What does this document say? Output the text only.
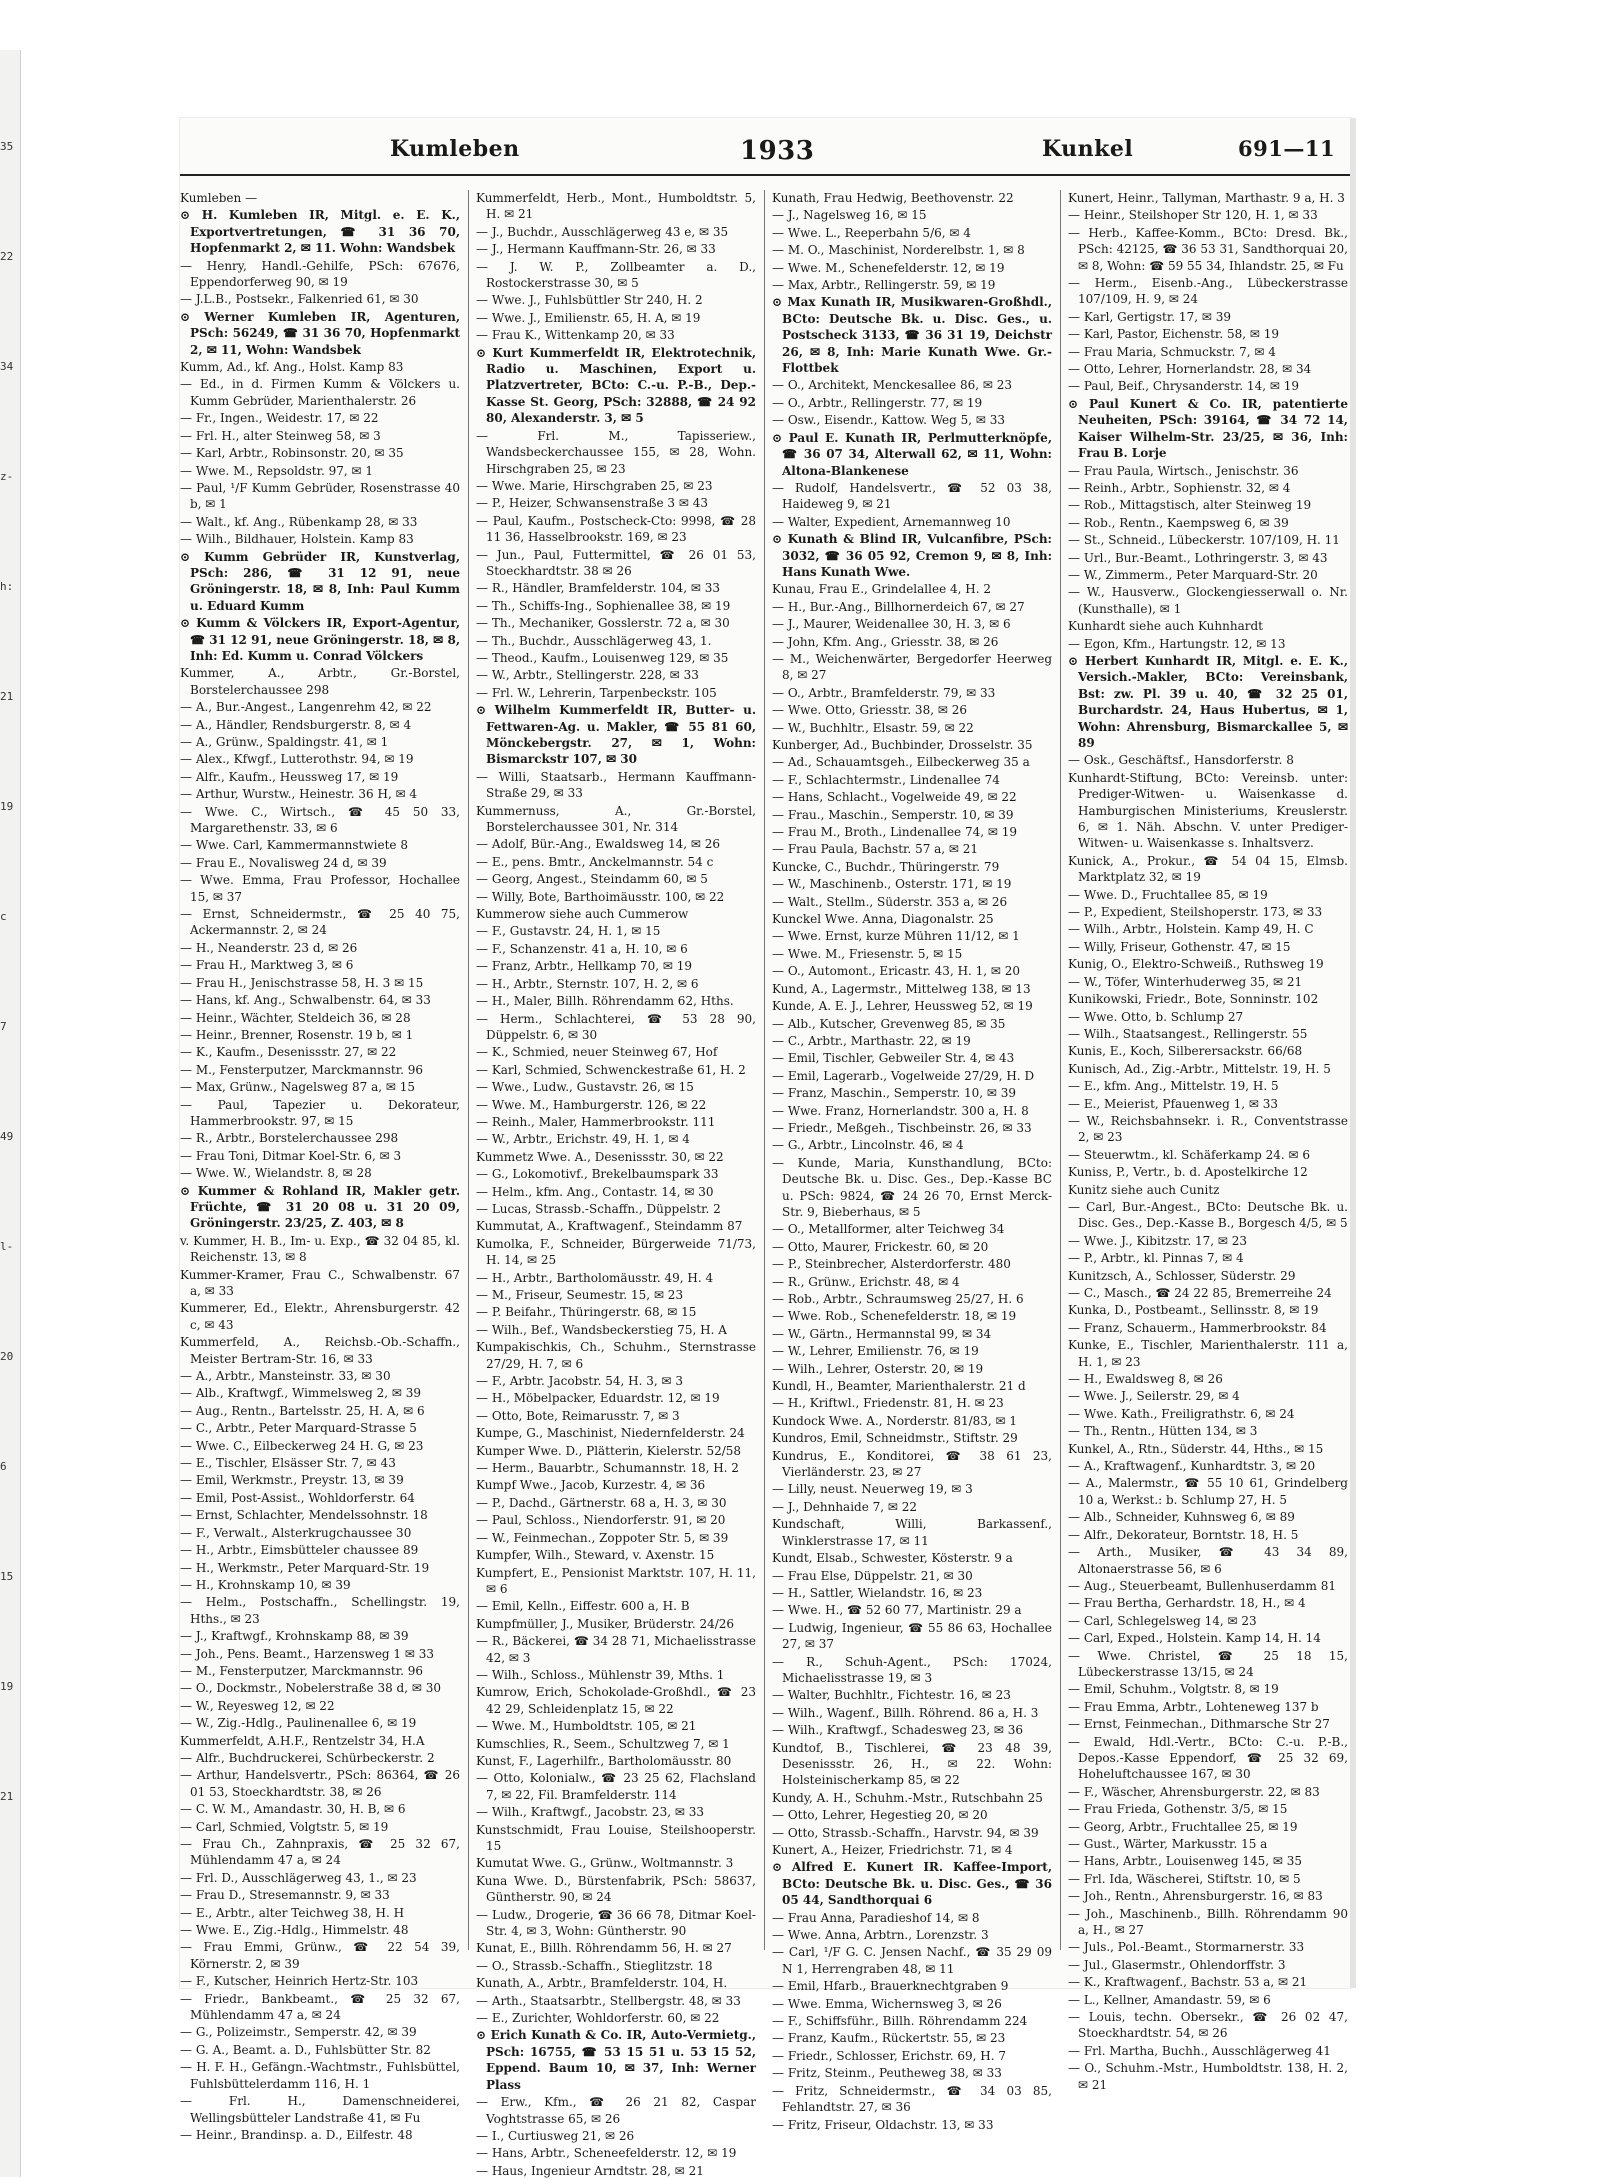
35
22
34
z-
h:
21
19
c
7
49
l-
20
6
15
19
21
Kumleben	1933	Kunkel	691—11
Kumleben —
⊙ H. Kumleben IR, Mitgl. e. E. K., Exportvertretungen, ☎ 31 36 70, Hopfenmarkt 2, ✉ 11. Wohn: Wandsbek
— Henry, Handl.-Gehilfe, PSch: 67676, Eppendorferweg 90, ✉ 19
— J.L.B., Postsekr., Falkenried 61, ✉ 30
⊙ Werner Kumleben IR, Agenturen, PSch: 56249, ☎ 31 36 70, Hopfenmarkt 2, ✉ 11, Wohn: Wandsbek
Kumm, Ad., kf. Ang., Holst. Kamp 83
— Ed., in d. Firmen Kumm & Völckers u. Kumm Gebrüder, Marienthalerstr. 26
— Fr., Ingen., Weidestr. 17, ✉ 22
— Frl. H., alter Steinweg 58, ✉ 3
— Karl, Arbtr., Robinsonstr. 20, ✉ 35
— Wwe. M., Repsoldstr. 97, ✉ 1
— Paul, ¹/F Kumm Gebrüder, Rosenstrasse 40 b, ✉ 1
— Walt., kf. Ang., Rübenkamp 28, ✉ 33
— Wilh., Bildhauer, Holstein. Kamp 83
⊙ Kumm Gebrüder IR, Kunstverlag, PSch: 286, ☎ 31 12 91, neue Gröningerstr. 18, ✉ 8, Inh: Paul Kumm u. Eduard Kumm
⊙ Kumm & Völckers IR, Export-Agentur, ☎ 31 12 91, neue Gröningerstr. 18, ✉ 8, Inh: Ed. Kumm u. Conrad Völckers
Kummer, A., Arbtr., Gr.-Borstel, Borstelerchaussee 298
— A., Bur.-Angest., Langenrehm 42, ✉ 22
— A., Händler, Rendsburgerstr. 8, ✉ 4
— A., Grünw., Spaldingstr. 41, ✉ 1
— Alex., Kfwgf., Lutterothstr. 94, ✉ 19
— Alfr., Kaufm., Heussweg 17, ✉ 19
— Arthur, Wurstw., Heinestr. 36 H, ✉ 4
— Wwe. C., Wirtsch., ☎ 45 50 33, Margarethenstr. 33, ✉ 6
— Wwe. Carl, Kammermannstwiete 8
— Frau E., Novalisweg 24 d, ✉ 39
— Wwe. Emma, Frau Professor, Hochallee 15, ✉ 37
— Ernst, Schneidermstr., ☎ 25 40 75, Ackermannstr. 2, ✉ 24
— H., Neanderstr. 23 d, ✉ 26
— Frau H., Marktweg 3, ✉ 6
— Frau H., Jenischstrasse 58, H. 3 ✉ 15
— Hans, kf. Ang., Schwalbenstr. 64, ✉ 33
— Heinr., Wächter, Steldeich 36, ✉ 28
— Heinr., Brenner, Rosenstr. 19 b, ✉ 1
— K., Kaufm., Desenissstr. 27, ✉ 22
— M., Fensterputzer, Marckmannstr. 96
— Max, Grünw., Nagelsweg 87 a, ✉ 15
— Paul, Tapezier u. Dekorateur, Hammerbrookstr. 97, ✉ 15
— R., Arbtr., Borstelerchaussee 298
— Frau Toni, Ditmar Koel-Str. 6, ✉ 3
— Wwe. W., Wielandstr. 8, ✉ 28
⊙ Kummer & Rohland IR, Makler getr. Früchte, ☎ 31 20 08 u. 31 20 09, Gröningerstr. 23/25, Z. 403, ✉ 8
v. Kummer, H. B., Im- u. Exp., ☎ 32 04 85, kl. Reichenstr. 13, ✉ 8
Kummer-Kramer, Frau C., Schwalbenstr. 67 a, ✉ 33
Kummerer, Ed., Elektr., Ahrensburgerstr. 42 c, ✉ 43
Kummerfeld, A., Reichsb.-Ob.-Schaffn., Meister Bertram-Str. 16, ✉ 33
— A., Arbtr., Mansteinstr. 33, ✉ 30
— Alb., Kraftwgf., Wimmelsweg 2, ✉ 39
— Aug., Rentn., Bartelsstr. 25, H. A, ✉ 6
— C., Arbtr., Peter Marquard-Strasse 5
— Wwe. C., Eilbeckerweg 24 H. G, ✉ 23
— E., Tischler, Elsässer Str. 7, ✉ 43
— Emil, Werkmstr., Preystr. 13, ✉ 39
— Emil, Post-Assist., Wohldorferstr. 64
— Ernst, Schlachter, Mendelssohnstr. 18
— F., Verwalt., Alsterkrugchaussee 30
— H., Arbtr., Eimsbütteler chaussee 89
— H., Werkmstr., Peter Marquard-Str. 19
— H., Krohnskamp 10, ✉ 39
— Helm., Postschaffn., Schellingstr. 19, Hths., ✉ 23
— J., Kraftwgf., Krohnskamp 88, ✉ 39
— Joh., Pens. Beamt., Harzensweg 1 ✉ 33
— M., Fensterputzer, Marckmannstr. 96
— O., Dockmstr., Nobelerstraße 38 d, ✉ 30
— W., Reyesweg 12, ✉ 22
— W., Zig.-Hdlg., Paulinenallee 6, ✉ 19
Kummerfeldt, A.H.F., Rentzelstr 34, H.A
— Alfr., Buchdruckerei, Schürbeckerstr. 2
— Arthur, Handelsvertr., PSch: 86364, ☎ 26 01 53, Stoeckhardtstr. 38, ✉ 26
— C. W. M., Amandastr. 30, H. B, ✉ 6
— Carl, Schmied, Volgtstr. 5, ✉ 19
— Frau Ch., Zahnpraxis, ☎ 25 32 67, Mühlendamm 47 a, ✉ 24
— Frl. D., Ausschlägerweg 43, 1., ✉ 23
— Frau D., Stresemannstr. 9, ✉ 33
— E., Arbtr., alter Teichweg 38, H. H
— Wwe. E., Zig.-Hdlg., Himmelstr. 48
— Frau Emmi, Grünw., ☎ 22 54 39, Körnerstr. 2, ✉ 39
— F., Kutscher, Heinrich Hertz-Str. 103
— Friedr., Bankbeamt., ☎ 25 32 67, Mühlendamm 47 a, ✉ 24
— G., Polizeimstr., Semperstr. 42, ✉ 39
— G. A., Beamt. a. D., Fuhlsbütter Str. 82
— H. F. H., Gefängn.-Wachtmstr., Fuhlsbüttel, Fuhlsbüttelerdamm 116, H. 1
— Frl. H., Damenschneiderei, Wellingsbütteler Landstraße 41, ✉ Fu
— Heinr., Brandinsp. a. D., Eilfestr. 48
Kummerfeldt, Herb., Mont., Humboldtstr. 5, H. ✉ 21
— J., Buchdr., Ausschlägerweg 43 e, ✉ 35
— J., Hermann Kauffmann-Str. 26, ✉ 33
— J. W. P., Zollbeamter a. D., Rostockerstrasse 30, ✉ 5
— Wwe. J., Fuhlsbüttler Str 240, H. 2
— Wwe. J., Emilienstr. 65, H. A, ✉ 19
— Frau K., Wittenkamp 20, ✉ 33
⊙ Kurt Kummerfeldt IR, Elektrotechnik, Radio u. Maschinen, Export u. Platzvertreter, BCto: C.-u. P.-B., Dep.-Kasse St. Georg, PSch: 32888, ☎ 24 92 80, Alexanderstr. 3, ✉ 5
— Frl. M., Tapisseriew., Wandsbeckerchaussee 155, ✉ 28, Wohn. Hirschgraben 25, ✉ 23
— Wwe. Marie, Hirschgraben 25, ✉ 23
— P., Heizer, Schwansenstraße 3 ✉ 43
— Paul, Kaufm., Postscheck-Cto: 9998, ☎ 28 11 36, Hasselbrookstr. 169, ✉ 23
— Jun., Paul, Futtermittel, ☎ 26 01 53, Stoeckhardtstr. 38 ✉ 26
— R., Händler, Bramfelderstr. 104, ✉ 33
— Th., Schiffs-Ing., Sophienallee 38, ✉ 19
— Th., Mechaniker, Gosslerstr. 72 a, ✉ 30
— Th., Buchdr., Ausschlägerweg 43, 1.
— Theod., Kaufm., Louisenweg 129, ✉ 35
— W., Arbtr., Stellingerstr. 228, ✉ 33
— Frl. W., Lehrerin, Tarpenbeckstr. 105
⊙ Wilhelm Kummerfeldt IR, Butter- u. Fettwaren-Ag. u. Makler, ☎ 55 81 60, Mönckebergstr. 27, ✉ 1, Wohn: Bismarckstr 107, ✉ 30
— Willi, Staatsarb., Hermann Kauffmann-Straße 29, ✉ 33
Kummernuss, A., Gr.-Borstel, Borstelerchaussee 301, Nr. 314
— Adolf, Bür.-Ang., Ewaldsweg 14, ✉ 26
— E., pens. Bmtr., Anckelmannstr. 54 c
— Georg, Angest., Steindamm 60, ✉ 5
— Willy, Bote, Barthoimäusstr. 100, ✉ 22
Kummerow siehe auch Cummerow
— F., Gustavstr. 24, H. 1, ✉ 15
— F., Schanzenstr. 41 a, H. 10, ✉ 6
— Franz, Arbtr., Hellkamp 70, ✉ 19
— H., Arbtr., Sternstr. 107, H. 2, ✉ 6
— H., Maler, Billh. Röhrendamm 62, Hths.
— Herm., Schlachterei, ☎ 53 28 90, Düppelstr. 6, ✉ 30
— K., Schmied, neuer Steinweg 67, Hof
— Karl, Schmied, Schwenckestraße 61, H. 2
— Wwe., Ludw., Gustavstr. 26, ✉ 15
— Wwe. M., Hamburgerstr. 126, ✉ 22
— Reinh., Maler, Hammerbrookstr. 111
— W., Arbtr., Erichstr. 49, H. 1, ✉ 4
Kummetz Wwe. A., Desenissstr. 30, ✉ 22
— G., Lokomotivf., Brekelbaumspark 33
— Helm., kfm. Ang., Contastr. 14, ✉ 30
— Lucas, Strassb.-Schaffn., Düppelstr. 2
Kummutat, A., Kraftwagenf., Steindamm 87
Kumolka, F., Schneider, Bürgerweide 71/73, H. 14, ✉ 25
— H., Arbtr., Bartholomäusstr. 49, H. 4
— M., Friseur, Seumestr. 15, ✉ 23
— P. Beifahr., Thüringerstr. 68, ✉ 15
— Wilh., Bef., Wandsbeckerstieg 75, H. A
Kumpakischkis, Ch., Schuhm., Sternstrasse 27/29, H. 7, ✉ 6
— F., Arbtr. Jacobstr. 54, H. 3, ✉ 3
— H., Möbelpacker, Eduardstr. 12, ✉ 19
— Otto, Bote, Reimarusstr. 7, ✉ 3
Kumpe, G., Maschinist, Niedernfelderstr. 24
Kumper Wwe. D., Plätterin, Kielerstr. 52/58
— Herm., Bauarbtr., Schumannstr. 18, H. 2
Kumpf Wwe., Jacob, Kurzestr. 4, ✉ 36
— P., Dachd., Gärtnerstr. 68 a, H. 3, ✉ 30
— Paul, Schloss., Niendorferstr. 91, ✉ 20
— W., Feinmechan., Zoppoter Str. 5, ✉ 39
Kumpfer, Wilh., Steward, v. Axenstr. 15
Kumpfert, E., Pensionist Marktstr. 107, H. 11, ✉ 6
— Emil, Kelln., Eiffestr. 600 a, H. B
Kumpfmüller, J., Musiker, Brüderstr. 24/26
— R., Bäckerei, ☎ 34 28 71, Michaelisstrasse 42, ✉ 3
— Wilh., Schloss., Mühlenstr 39, Mths. 1
Kumrow, Erich, Schokolade-Großhdl., ☎ 23 42 29, Schleidenplatz 15, ✉ 22
— Wwe. M., Humboldtstr. 105, ✉ 21
Kumschlies, R., Seem., Schultzweg 7, ✉ 1
Kunst, F., Lagerhilfr., Bartholomäusstr. 80
— Otto, Kolonialw., ☎ 23 25 62, Flachsland 7, ✉ 22, Fil. Bramfelderstr. 114
— Wilh., Kraftwgf., Jacobstr. 23, ✉ 33
Kunstschmidt, Frau Louise, Steilshooperstr. 15
Kumutat Wwe. G., Grünw., Woltmannstr. 3
Kuna Wwe. D., Bürstenfabrik, PSch: 58637, Güntherstr. 90, ✉ 24
— Ludw., Drogerie, ☎ 36 66 78, Ditmar Koel-Str. 4, ✉ 3, Wohn: Güntherstr. 90
Kunat, E., Billh. Röhrendamm 56, H. ✉ 27
— O., Strassb.-Schaffn., Stieglitzstr. 18
Kunath, A., Arbtr., Bramfelderstr. 104, H.
— Arth., Staatsarbtr., Stellbergstr. 48, ✉ 33
— E., Zurichter, Wohldorferstr. 60, ✉ 22
⊙ Erich Kunath & Co. IR, Auto-Vermietg., PSch: 16755, ☎ 53 15 51 u. 53 15 52, Eppend. Baum 10, ✉ 37, Inh: Werner Plass
— Erw., Kfm., ☎ 26 21 82, Caspar Voghtstrasse 65, ✉ 26
— I., Curtiusweg 21, ✉ 26
— Hans, Arbtr., Scheneefelderstr. 12, ✉ 19
— Haus, Ingenieur Arndtstr. 28, ✉ 21
Kunath, Frau Hedwig, Beethovenstr. 22
— J., Nagelsweg 16, ✉ 15
— Wwe. L., Reeperbahn 5/6, ✉ 4
— M. O., Maschinist, Norderelbstr. 1, ✉ 8
— Wwe. M., Schenefelderstr. 12, ✉ 19
— Max, Arbtr., Rellingerstr. 59, ✉ 19
⊙ Max Kunath IR, Musikwaren-Großhdl., BCto: Deutsche Bk. u. Disc. Ges., u. Postscheck 3133, ☎ 36 31 19, Deichstr 26, ✉ 8, Inh: Marie Kunath Wwe. Gr.-Flottbek
— O., Architekt, Menckesallee 86, ✉ 23
— O., Arbtr., Rellingerstr. 77, ✉ 19
— Osw., Eisendr., Kattow. Weg 5, ✉ 33
⊙ Paul E. Kunath IR, Perlmutterknöpfe, ☎ 36 07 34, Alterwall 62, ✉ 11, Wohn: Altona-Blankenese
— Rudolf, Handelsvertr., ☎ 52 03 38, Haideweg 9, ✉ 21
— Walter, Expedient, Arnemannweg 10
⊙ Kunath & Blind IR, Vulcanfibre, PSch: 3032, ☎ 36 05 92, Cremon 9, ✉ 8, Inh: Hans Kunath Wwe.
Kunau, Frau E., Grindelallee 4, H. 2
— H., Bur.-Ang., Billhornerdeich 67, ✉ 27
— J., Maurer, Weidenallee 30, H. 3, ✉ 6
— John, Kfm. Ang., Griesstr. 38, ✉ 26
— M., Weichenwärter, Bergedorfer Heerweg 8, ✉ 27
— O., Arbtr., Bramfelderstr. 79, ✉ 33
— Wwe. Otto, Griesstr. 38, ✉ 26
— W., Buchhltr., Elsastr. 59, ✉ 22
Kunberger, Ad., Buchbinder, Drosselstr. 35
— Ad., Schauamtsgeh., Eilbeckerweg 35 a
— F., Schlachtermstr., Lindenallee 74
— Hans, Schlacht., Vogelweide 49, ✉ 22
— Frau., Maschin., Semperstr. 10, ✉ 39
— Frau M., Broth., Lindenallee 74, ✉ 19
— Frau Paula, Bachstr. 57 a, ✉ 21
Kuncke, C., Buchdr., Thüringerstr. 79
— W., Maschinenb., Osterstr. 171, ✉ 19
— Walt., Stellm., Süderstr. 353 a, ✉ 26
Kunckel Wwe. Anna, Diagonalstr. 25
— Wwe. Ernst, kurze Mühren 11/12, ✉ 1
— Wwe. M., Friesenstr. 5, ✉ 15
— O., Automont., Ericastr. 43, H. 1, ✉ 20
Kund, A., Lagermstr., Mittelweg 138, ✉ 13
Kunde, A. E. J., Lehrer, Heussweg 52, ✉ 19
— Alb., Kutscher, Grevenweg 85, ✉ 35
— C., Arbtr., Marthastr. 22, ✉ 19
— Emil, Tischler, Gebweiler Str. 4, ✉ 43
— Emil, Lagerarb., Vogelweide 27/29, H. D
— Franz, Maschin., Semperstr. 10, ✉ 39
— Wwe. Franz, Hornerlandstr. 300 a, H. 8
— Friedr., Meßgeh., Tischbeinstr. 26, ✉ 33
— G., Arbtr., Lincolnstr. 46, ✉ 4
— Kunde, Maria, Kunsthandlung, BCto: Deutsche Bk. u. Disc. Ges., Dep.-Kasse BC u. PSch: 9824, ☎ 24 26 70, Ernst Merck-Str. 9, Bieberhaus, ✉ 5
— O., Metallformer, alter Teichweg 34
— Otto, Maurer, Frickestr. 60, ✉ 20
— P., Steinbrecher, Alsterdorferstr. 480
— R., Grünw., Erichstr. 48, ✉ 4
— Rob., Arbtr., Schraumsweg 25/27, H. 6
— Wwe. Rob., Schenefelderstr. 18, ✉ 19
— W., Gärtn., Hermannstal 99, ✉ 34
— W., Lehrer, Emilienstr. 76, ✉ 19
— Wilh., Lehrer, Osterstr. 20, ✉ 19
Kundl, H., Beamter, Marienthalerstr. 21 d
— H., Kriftwl., Friedenstr. 81, H. ✉ 23
Kundock Wwe. A., Norderstr. 81/83, ✉ 1
Kundros, Emil, Schneidmstr., Stiftstr. 29
Kundrus, E., Konditorei, ☎ 38 61 23, Vierländerstr. 23, ✉ 27
— Lilly, neust. Neuerweg 19, ✉ 3
— J., Dehnhaide 7, ✉ 22
Kundschaft, Willi, Barkassenf., Winklerstrasse 17, ✉ 11
Kundt, Elsab., Schwester, Kösterstr. 9 a
— Frau Else, Düppelstr. 21, ✉ 30
— H., Sattler, Wielandstr. 16, ✉ 23
— Wwe. H., ☎ 52 60 77, Martinistr. 29 a
— Ludwig, Ingenieur, ☎ 55 86 63, Hochallee 27, ✉ 37
— R., Schuh-Agent., PSch: 17024, Michaelisstrasse 19, ✉ 3
— Walter, Buchhltr., Fichtestr. 16, ✉ 23
— Wilh., Wagenf., Billh. Röhrend. 86 a, H. 3
— Wilh., Kraftwgf., Schadesweg 23, ✉ 36
Kundtof, B., Tischlerei, ☎ 23 48 39, Desenissstr. 26, H., ✉ 22. Wohn: Holsteinischerkamp 85, ✉ 22
Kundy, A. H., Schuhm.-Mstr., Rutschbahn 25
— Otto, Lehrer, Hegestieg 20, ✉ 20
— Otto, Strassb.-Schaffn., Harvstr. 94, ✉ 39
Kunert, A., Heizer, Friedrichstr. 71, ✉ 4
⊙ Alfred E. Kunert IR. Kaffee-Import, BCto: Deutsche Bk. u. Disc. Ges., ☎ 36 05 44, Sandthorquai 6
— Frau Anna, Paradieshof 14, ✉ 8
— Wwe. Anna, Arbtrn., Lorenzstr. 3
— Carl, ¹/F G. C. Jensen Nachf., ☎ 35 29 09 N 1, Herrengraben 48, ✉ 11
— Emil, Hfarb., Brauerknechtgraben 9
— Wwe. Emma, Wichernsweg 3, ✉ 26
— F., Schiffsführ., Billh. Röhrendamm 224
— Franz, Kaufm., Rückertstr. 55, ✉ 23
— Friedr., Schlosser, Erichstr. 69, H. 7
— Fritz, Steinm., Peutheweg 38, ✉ 33
— Fritz, Schneidermstr., ☎ 34 03 85, Fehlandtstr. 27, ✉ 36
— Fritz, Friseur, Oldachstr. 13, ✉ 33
Kunert, Heinr., Tallyman, Marthastr. 9 a, H. 3
— Heinr., Steilshoper Str 120, H. 1, ✉ 33
— Herb., Kaffee-Komm., BCto: Dresd. Bk., PSch: 42125, ☎ 36 53 31, Sandthorquai 20, ✉ 8, Wohn: ☎ 59 55 34, Ihlandstr. 25, ✉ Fu
— Herm., Eisenb.-Ang., Lübeckerstrasse 107/109, H. 9, ✉ 24
— Karl, Gertigstr. 17, ✉ 39
— Karl, Pastor, Eichenstr. 58, ✉ 19
— Frau Maria, Schmuckstr. 7, ✉ 4
— Otto, Lehrer, Hornerlandstr. 28, ✉ 34
— Paul, Beif., Chrysanderstr. 14, ✉ 19
⊙ Paul Kunert & Co. IR, patentierte Neuheiten, PSch: 39164, ☎ 34 72 14, Kaiser Wilhelm-Str. 23/25, ✉ 36, Inh: Frau B. Lorje
— Frau Paula, Wirtsch., Jenischstr. 36
— Reinh., Arbtr., Sophienstr. 32, ✉ 4
— Rob., Mittagstisch, alter Steinweg 19
— Rob., Rentn., Kaempsweg 6, ✉ 39
— St., Schneid., Lübeckerstr. 107/109, H. 11
— Url., Bur.-Beamt., Lothringerstr. 3, ✉ 43
— W., Zimmerm., Peter Marquard-Str. 20
— W., Hausverw., Glockengiesserwall o. Nr. (Kunsthalle), ✉ 1
Kunhardt siehe auch Kuhnhardt
— Egon, Kfm., Hartungstr. 12, ✉ 13
⊙ Herbert Kunhardt IR, Mitgl. e. E. K., Versich.-Makler, BCto: Vereinsbank, Bst: zw. Pl. 39 u. 40, ☎ 32 25 01, Burchardstr. 24, Haus Hubertus, ✉ 1, Wohn: Ahrensburg, Bismarckallee 5, ✉ 89
— Osk., Geschäftsf., Hansdorferstr. 8
Kunhardt-Stiftung, BCto: Vereinsb. unter: Prediger-Witwen- u. Waisenkasse d. Hamburgischen Ministeriums, Kreuslerstr. 6, ✉ 1. Näh. Abschn. V. unter Prediger-Witwen- u. Waisenkasse s. Inhaltsverz.
Kunick, A., Prokur., ☎ 54 04 15, Elmsb. Marktplatz 32, ✉ 19
— Wwe. D., Fruchtallee 85, ✉ 19
— P., Expedient, Steilshoperstr. 173, ✉ 33
— Wilh., Arbtr., Holstein. Kamp 49, H. C
— Willy, Friseur, Gothenstr. 47, ✉ 15
Kunig, O., Elektro-Schweiß., Ruthsweg 19
— W., Töfer, Winterhuderweg 35, ✉ 21
Kunikowski, Friedr., Bote, Sonninstr. 102
— Wwe. Otto, b. Schlump 27
— Wilh., Staatsangest., Rellingerstr. 55
Kunis, E., Koch, Silberersackstr. 66/68
Kunisch, Ad., Zig.-Arbtr., Mittelstr. 19, H. 5
— E., kfm. Ang., Mittelstr. 19, H. 5
— E., Meierist, Pfauenweg 1, ✉ 33
— W., Reichsbahnsekr. i. R., Conventstrasse 2, ✉ 23
— Steuerwtm., kl. Schäferkamp 24. ✉ 6
Kuniss, P., Vertr., b. d. Apostelkirche 12
Kunitz siehe auch Cunitz
— Carl, Bur.-Angest., BCto: Deutsche Bk. u. Disc. Ges., Dep.-Kasse B., Borgesch 4/5, ✉ 5
— Wwe. J., Kibitzstr. 17, ✉ 23
— P., Arbtr., kl. Pinnas 7, ✉ 4
Kunitzsch, A., Schlosser, Süderstr. 29
— C., Masch., ☎ 24 22 85, Bremerreihe 24
Kunka, D., Postbeamt., Sellinsstr. 8, ✉ 19
— Franz, Schauerm., Hammerbrookstr. 84
Kunke, E., Tischler, Marienthalerstr. 111 a, H. 1, ✉ 23
— H., Ewaldsweg 8, ✉ 26
— Wwe. J., Seilerstr. 29, ✉ 4
— Wwe. Kath., Freiligrathstr. 6, ✉ 24
— Th., Rentn., Hütten 134, ✉ 3
Kunkel, A., Rtn., Süderstr. 44, Hths., ✉ 15
— A., Kraftwagenf., Kunhardtstr. 3, ✉ 20
— A., Malermstr., ☎ 55 10 61, Grindelberg 10 a, Werkst.: b. Schlump 27, H. 5
— Alb., Schneider, Kuhnsweg 6, ✉ 89
— Alfr., Dekorateur, Borntstr. 18, H. 5
— Arth., Musiker, ☎ 43 34 89, Altonaerstrasse 56, ✉ 6
— Aug., Steuerbeamt, Bullenhuserdamm 81
— Frau Bertha, Gerhardstr. 18, H., ✉ 4
— Carl, Schlegelsweg 14, ✉ 23
— Carl, Exped., Holstein. Kamp 14, H. 14
— Wwe. Christel, ☎ 25 18 15, Lübeckerstrasse 13/15, ✉ 24
— Emil, Schuhm., Volgtstr. 8, ✉ 19
— Frau Emma, Arbtr., Lohteneweg 137 b
— Ernst, Feinmechan., Dithmarsche Str 27
— Ewald, Hdl.-Vertr., BCto: C.-u. P.-B., Depos.-Kasse Eppendorf, ☎ 25 32 69, Hoheluftchaussee 167, ✉ 30
— F., Wäscher, Ahrensburgerstr. 22, ✉ 83
— Frau Frieda, Gothenstr. 3/5, ✉ 15
— Georg, Arbtr., Fruchtallee 25, ✉ 19
— Gust., Wärter, Markusstr. 15 a
— Hans, Arbtr., Louisenweg 145, ✉ 35
— Frl. Ida, Wäscherei, Stiftstr. 10, ✉ 5
— Joh., Rentn., Ahrensburgerstr. 16, ✉ 83
— Joh., Maschinenb., Billh. Röhrendamm 90 a, H., ✉ 27
— Juls., Pol.-Beamt., Stormarnerstr. 33
— Jul., Glasermstr., Ohlendorffstr. 3
— K., Kraftwagenf., Bachstr. 53 a, ✉ 21
— L., Kellner, Amandastr. 59, ✉ 6
— Louis, techn. Obersekr., ☎ 26 02 47, Stoeckhardtstr. 54, ✉ 26
— Frl. Martha, Buchh., Ausschlägerweg 41
— O., Schuhm.-Mstr., Humboldtstr. 138, H. 2, ✉ 21
